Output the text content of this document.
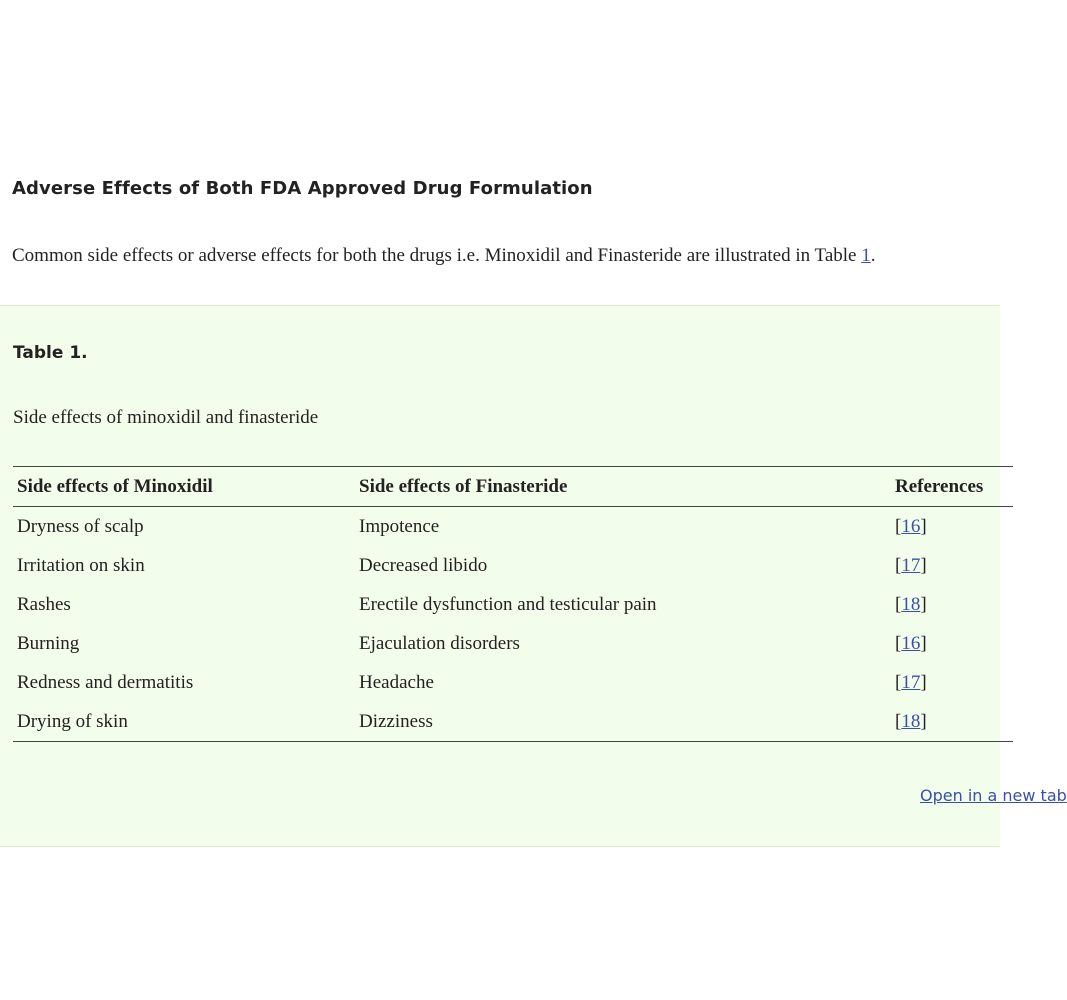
Adverse Effects of Both FDA Approved Drug Formulation
Common side effects or adverse effects for both the drugs i.e. Minoxidil and Finasteride are illustrated in Table 1.
Table 1.
Side effects of minoxidil and finasteride
Side effects of Minoxidil	Side effects of Finasteride	References
Dryness of scalp	Impotence	[16]
Irritation on skin	Decreased libido	[17]
Rashes	Erectile dysfunction and testicular pain	[18]
Burning	Ejaculation disorders	[16]
Redness and dermatitis	Headache	[17]
Drying of skin	Dizziness	[18]
Open in a new tab
